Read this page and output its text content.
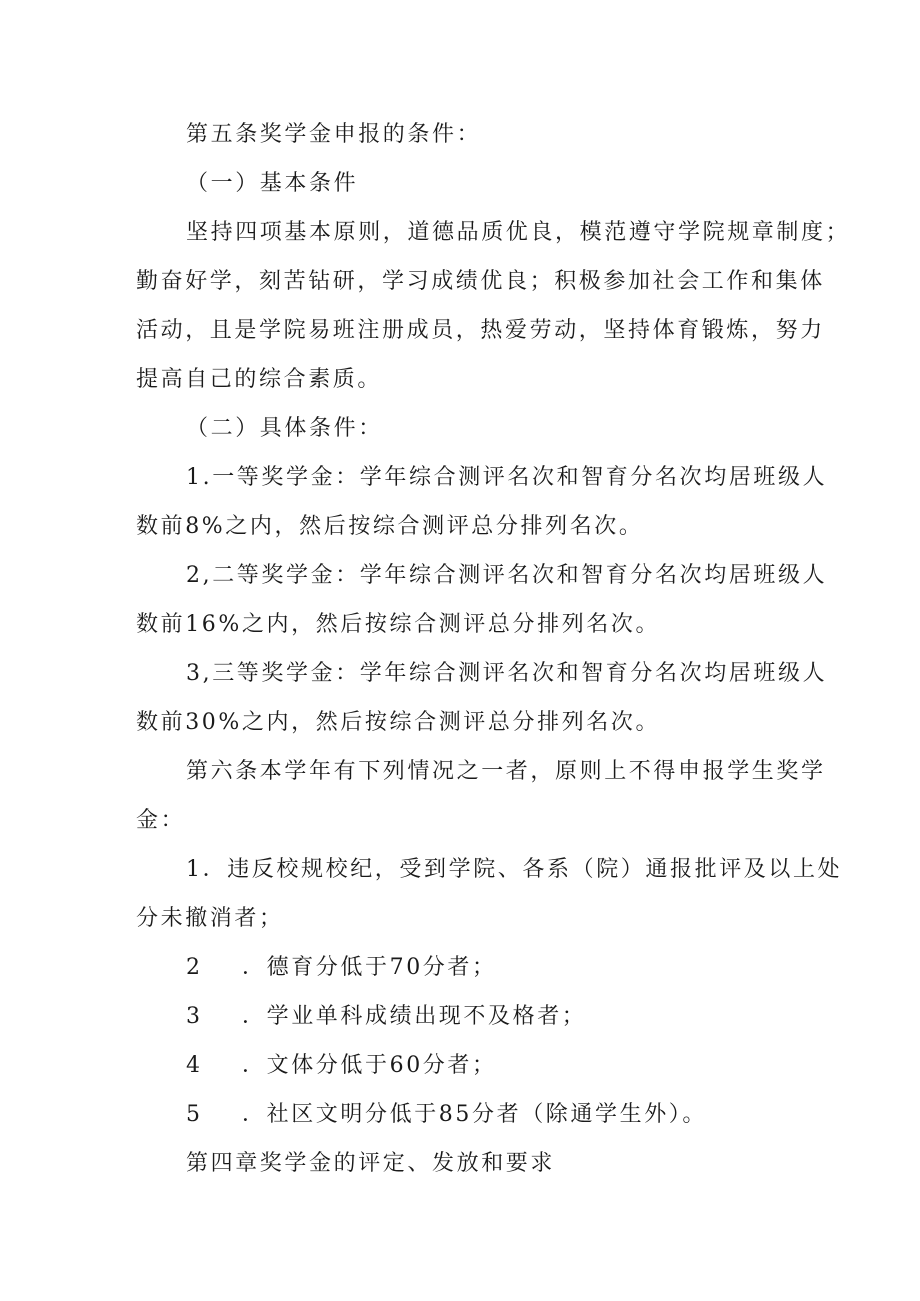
第五条奖学金申报的条件：
（一）基本条件
坚持四项基本原则，道德品质优良，模范遵守学院规章制度；
勤奋好学，刻苦钻研，学习成绩优良；积极参加社会工作和集体
活动，且是学院易班注册成员，热爱劳动，坚持体育锻炼，努力
提高自己的综合素质。
（二）具体条件：
1.一等奖学金：学年综合测评名次和智育分名次均居班级人
数前8%之内，然后按综合测评总分排列名次。
2,二等奖学金：学年综合测评名次和智育分名次均居班级人
数前16%之内，然后按综合测评总分排列名次。
3,三等奖学金：学年综合测评名次和智育分名次均居班级人
数前30%之内，然后按综合测评总分排列名次。
第六条本学年有下列情况之一者，原则上不得申报学生奖学
金：
1．违反校规校纪，受到学院、各系（院）通报批评及以上处
分未撤消者；
2 ．德育分低于70分者；
3 ．学业单科成绩出现不及格者；
4 ．文体分低于60分者；
5 ．社区文明分低于85分者（除通学生外）。
第四章奖学金的评定、发放和要求
